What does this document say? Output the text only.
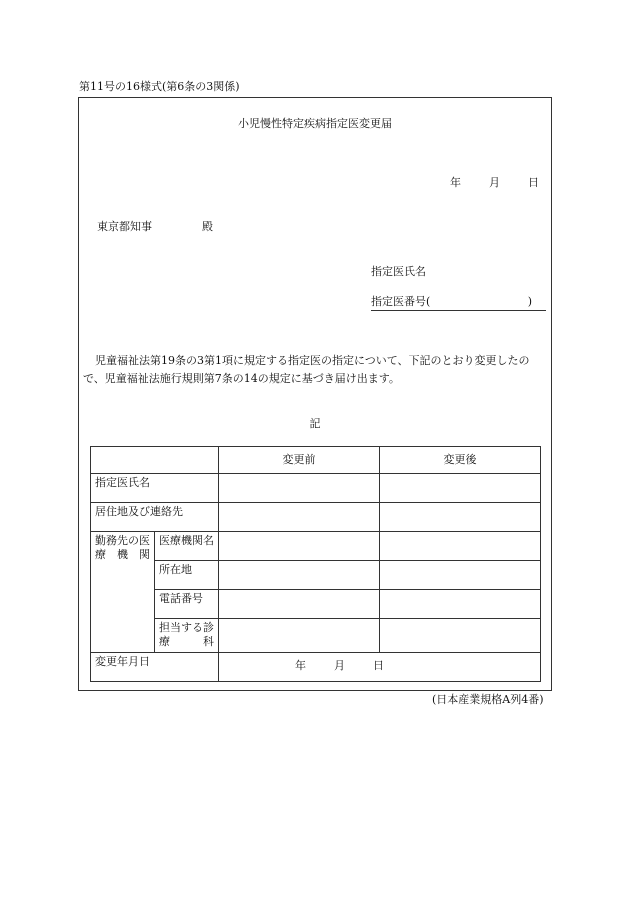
第11号の16様式(第6条の3関係)
小児慢性特定疾病指定医変更届
年	月	日
東京都知事	殿
指定医氏名
指定医番号(	)
児童福祉法第19条の3第1項に規定する指定医の指定について、下記のとおり変更したので、児童福祉法施行規則第7条の14の規定に基づき届け出ます。
記
		変更前	変更後
指定医氏名			
居住地及び連絡先			

勤務先の医療機関	医療機関名		

	所在地		
	電話番号		

	担当する診療科		

変更年月日		年 月 日	
(日本産業規格A列4番)
